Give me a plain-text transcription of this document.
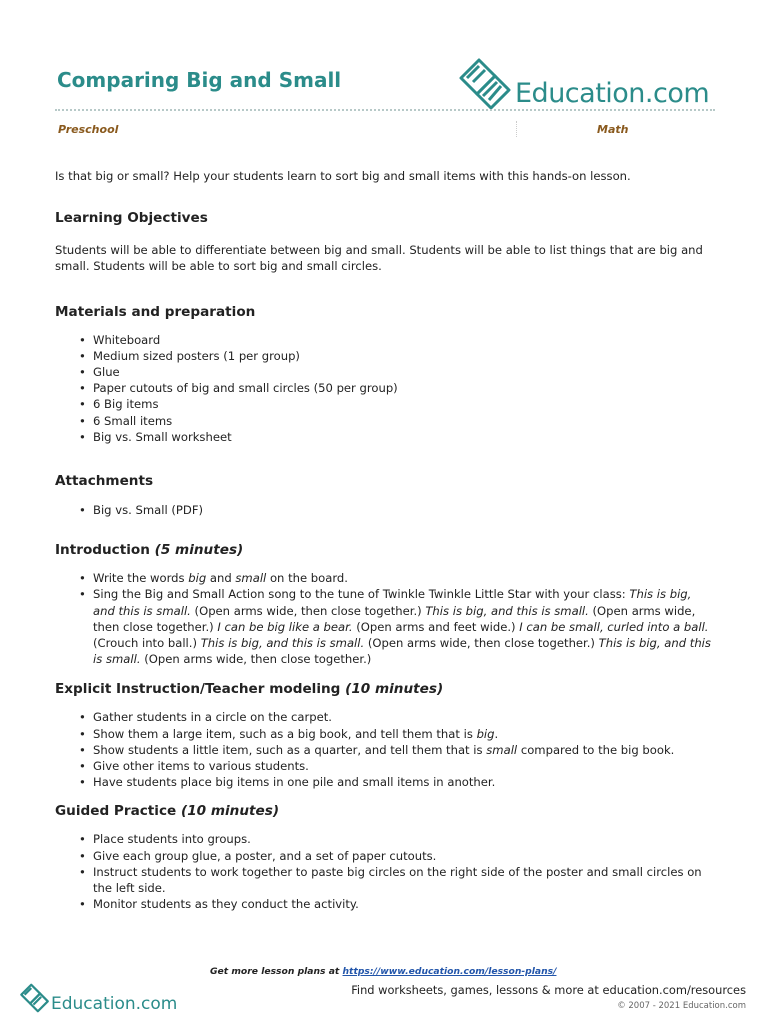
Comparing Big and Small	Education.com
Preschool	Math

Is that big or small? Help your students learn to sort big and small items with this hands-on lesson.

Learning Objectives

Students will be able to differentiate between big and small. Students will be able to list things that are big and small. Students will be able to sort big and small circles.

Materials and preparation
• Whiteboard
• Medium sized posters (1 per group)
• Glue
• Paper cutouts of big and small circles (50 per group)
• 6 Big items
• 6 Small items
• Big vs. Small worksheet
Attachments
• Big vs. Small (PDF)
Introduction (5 minutes)
• Write the words big and small on the board.
• Sing the Big and Small Action song to the tune of Twinkle Twinkle Little Star with your class: This is big, and this is small. (Open arms wide, then close together.) This is big, and this is small. (Open arms wide, then close together.) I can be big like a bear. (Open arms and feet wide.) I can be small, curled into a ball. (Crouch into ball.) This is big, and this is small. (Open arms wide, then close together.) This is big, and this is small. (Open arms wide, then close together.)
Explicit Instruction/Teacher modeling (10 minutes)
• Gather students in a circle on the carpet.
• Show them a large item, such as a big book, and tell them that is big.
• Show students a little item, such as a quarter, and tell them that is small compared to the big book.
• Give other items to various students.
• Have students place big items in one pile and small items in another.
Guided Practice (10 minutes)
• Place students into groups.
• Give each group glue, a poster, and a set of paper cutouts.
• Instruct students to work together to paste big circles on the right side of the poster and small circles on the left side.
• Monitor students as they conduct the activity.
Get more lesson plans at https://www.education.com/lesson-plans/
Education.com
Find worksheets, games, lessons & more at education.com/resources
© 2007 - 2021 Education.com
